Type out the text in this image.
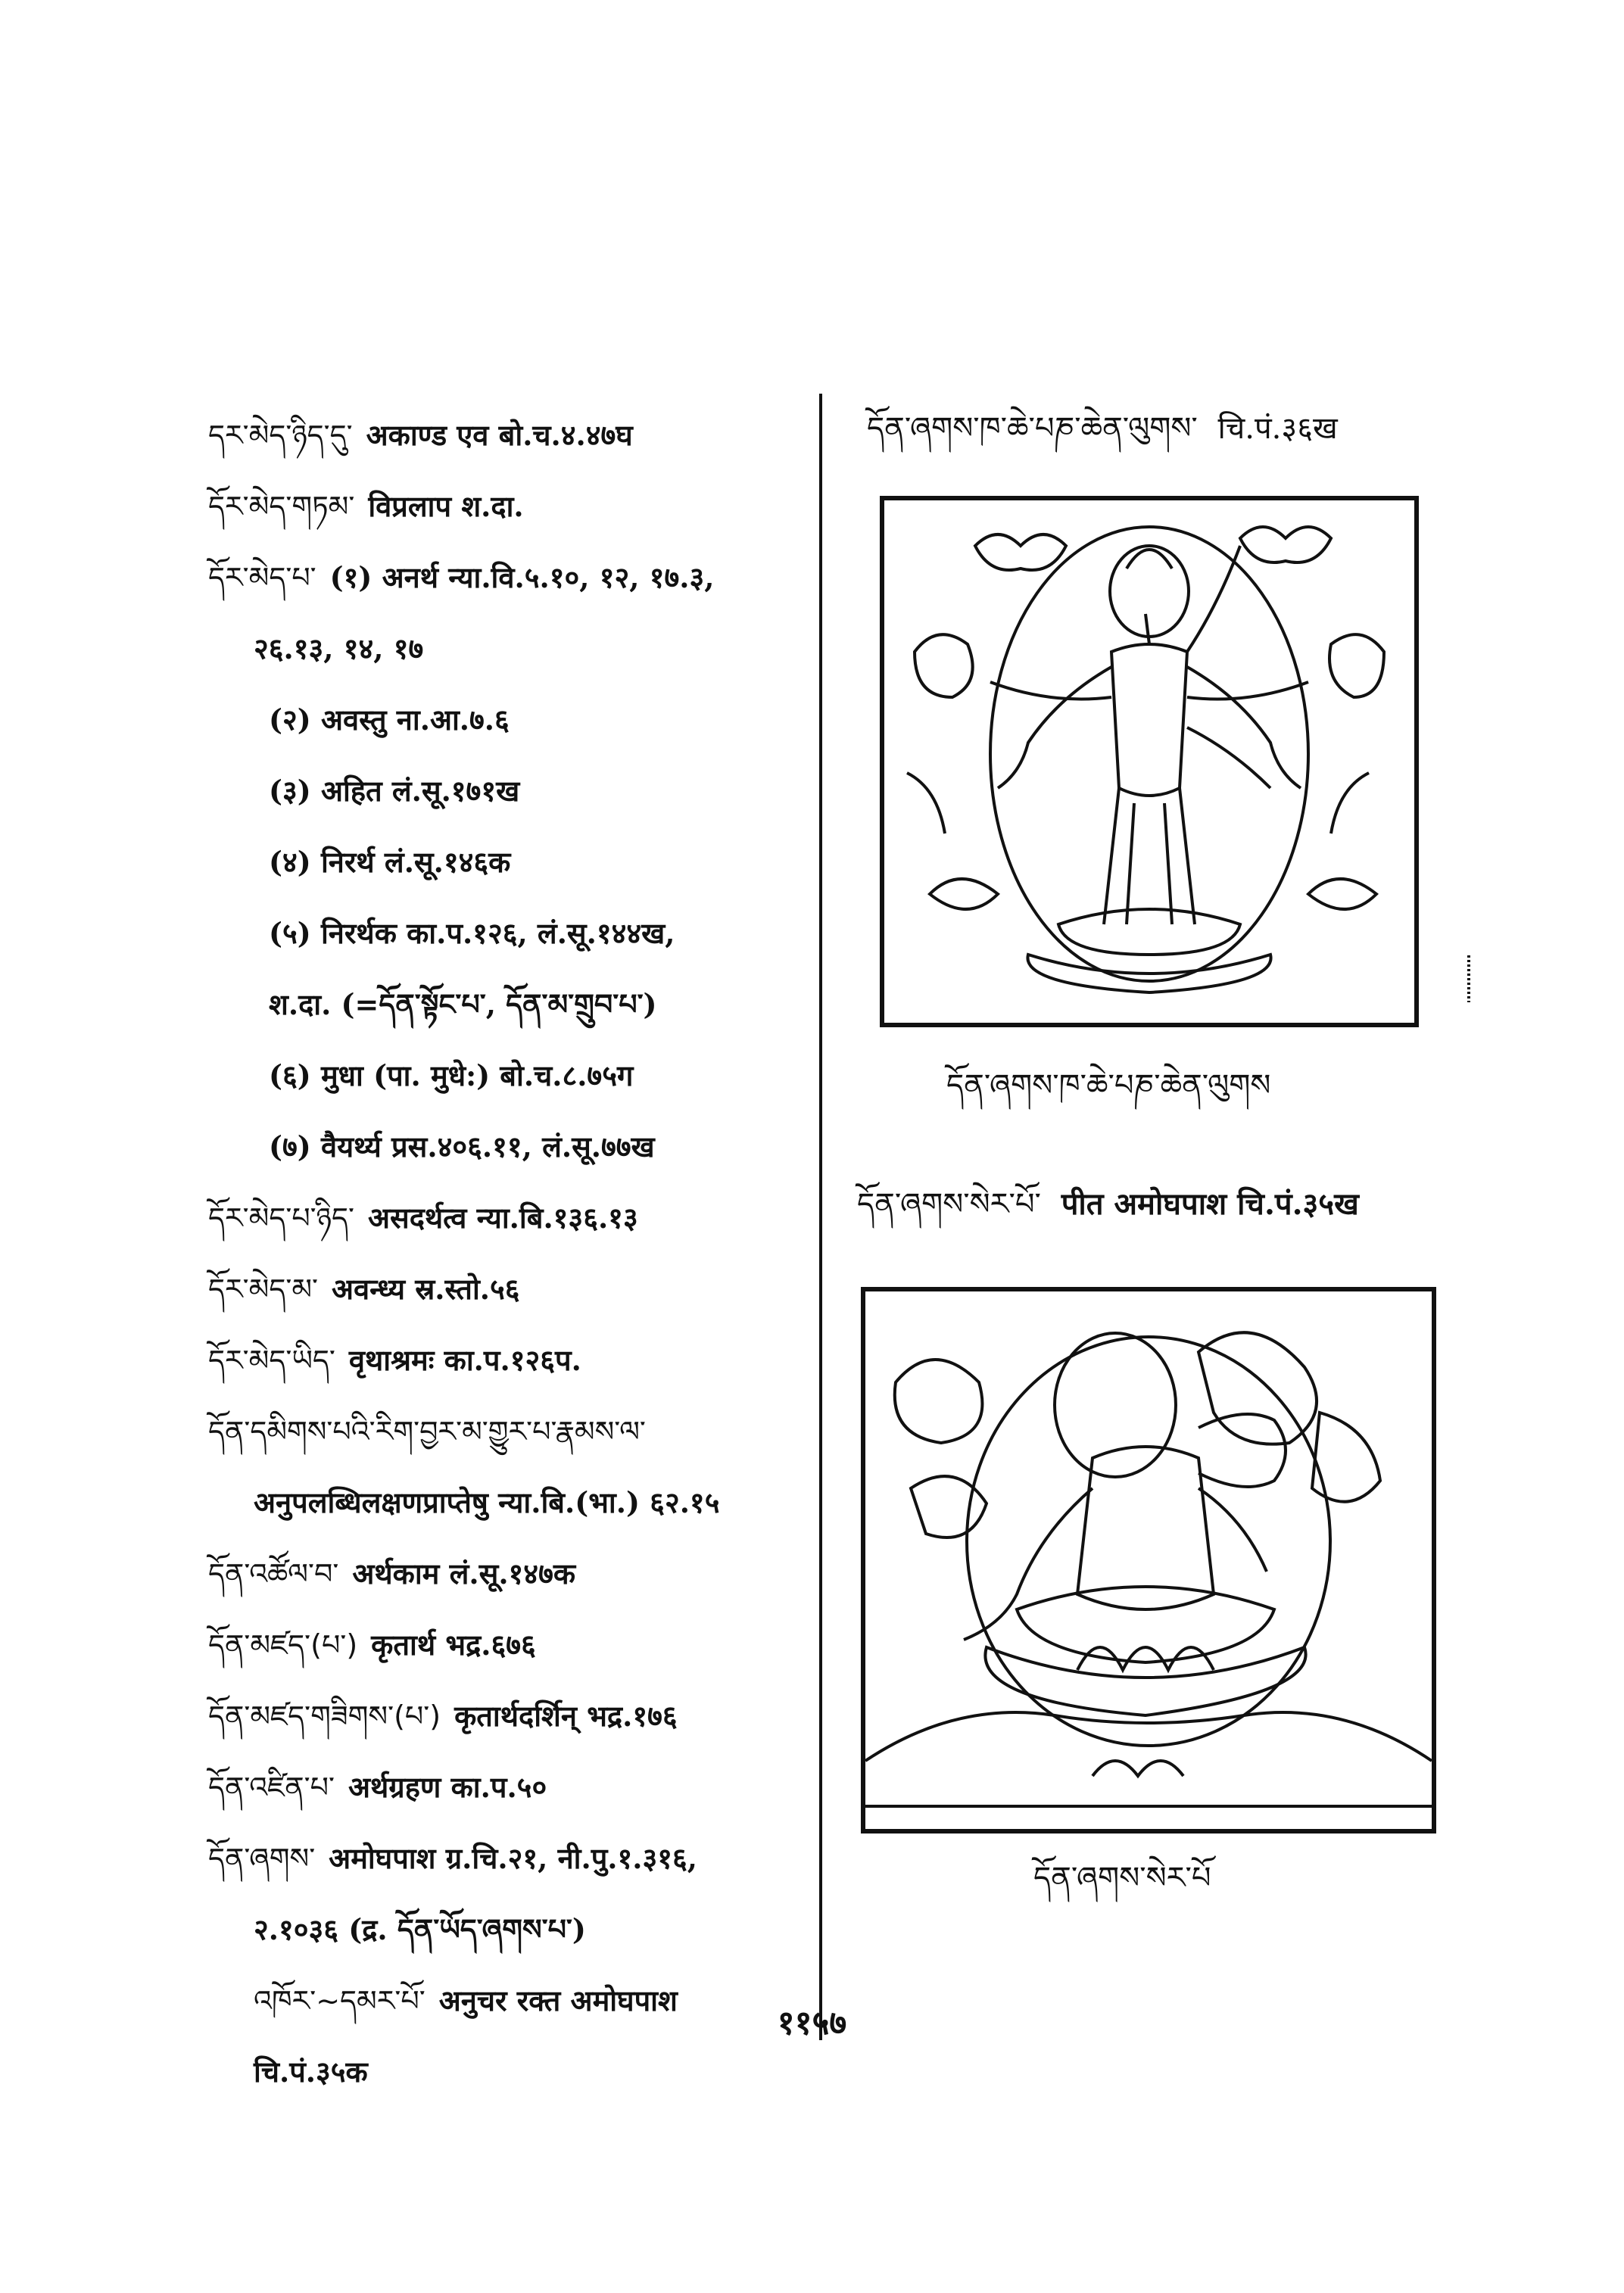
དར་མེད་ཉིད་དུ་ अकाण्ड एव बो.च.४.४७घ
དོར་མེད་གཏམ་ विप्रलाप श.दा.
དོར་མེད་པ་ (१) अनर्थ न्या.वि.५.१०, १२, १७.३,
२६.१३, १४, १७
(२) अवस्तु ना.आ.७.६
(३) अहित लं.सू.१७१ख
(४) निरर्थ लं.सू.१४६क
(५) निरर्थक का.प.१२६, लं.सू.१४४ख,
श.दा. (=དོན་སྟོང་པ་, དོན་མ་གྲུབ་པ་)
(६) मुधा (पा. मुधे:) बो.च.८.७५ग
(७) वैयर्थ्य प्रस.४०६.११, लं.सू.७७ख
དོར་མེད་པ་ཉིད་ असदर्थत्व न्या.बि.१३६.१३
དོར་མེད་མ་ अवन्ध्य स्र.स्तो.५६
དོར་མེད་ཡིད་ वृथाश्रमः का.प.१२६प.
དོན་དམིགས་པའི་རིག་བྱར་མ་གྱུར་པ་རྣམས་ལ་
अनुपलब्धिलक्षणप्राप्तेषु न्या.बि.(भा.) ६२.१५
དོན་འཚོལ་བ་ अर्थकाम लं.सू.१४७क
དོན་མཛད་(པ་) कृतार्थ भद्र.६७६
དོན་མཛད་གཟིགས་(པ་) कृतार्थदर्शिन् भद्र.१७६
དོན་འཛིན་པ་ अर्थग्रहण का.प.५०
དོན་ཞགས་ अमोघपाश ग्र.चि.२१, नी.पु.१.३१६,
२.१०३६ (द्र. དོན་ཡོད་ཞགས་པ་)
འཁོར་~དམར་པོ་ अनुचर रक्त अमोघपाश
चि.पं.३५क
དོན་ཞགས་ཁ་ཆེ་པཎ་ཆེན་ལུགས་ चि.पं.३६ख
དོན་ཞགས་ཁ་ཆེ་པཎ་ཆེན་ལུགས
དོན་ཞགས་སེར་པོ་ पीत अमोघपाश चि.पं.३५ख
དོན་ཞགས་སེར་པོ
११५७
